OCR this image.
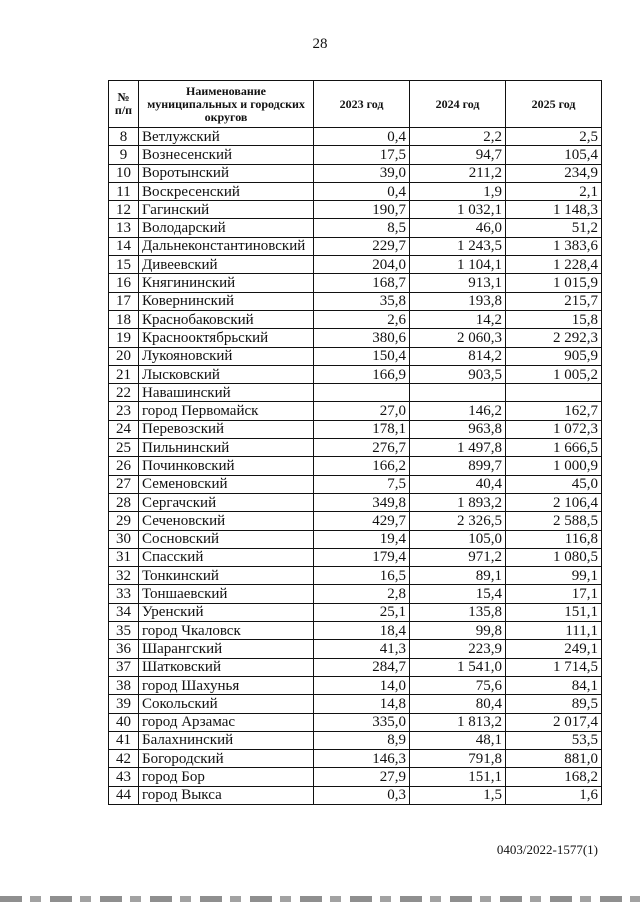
28
№ п/п	Наименование муниципальных и городских округов	2023 год	2024 год	2025 год
8	Ветлужский	0,4	2,2	2,5
9	Вознесенский	17,5	94,7	105,4
10	Воротынский	39,0	211,2	234,9
11	Воскресенский	0,4	1,9	2,1
12	Гагинский	190,7	1 032,1	1 148,3
13	Володарский	8,5	46,0	51,2
14	Дальнеконстантиновский	229,7	1 243,5	1 383,6
15	Дивеевский	204,0	1 104,1	1 228,4
16	Княгининский	168,7	913,1	1 015,9
17	Ковернинский	35,8	193,8	215,7
18	Краснобаковский	2,6	14,2	15,8
19	Краснооктябрьский	380,6	2 060,3	2 292,3
20	Лукояновский	150,4	814,2	905,9
21	Лысковский	166,9	903,5	1 005,2
22	Навашинский			
23	город Первомайск	27,0	146,2	162,7
24	Перевозский	178,1	963,8	1 072,3
25	Пильнинский	276,7	1 497,8	1 666,5
26	Починковский	166,2	899,7	1 000,9
27	Семеновский	7,5	40,4	45,0
28	Сергачский	349,8	1 893,2	2 106,4
29	Сеченовский	429,7	2 326,5	2 588,5
30	Сосновский	19,4	105,0	116,8
31	Спасский	179,4	971,2	1 080,5
32	Тонкинский	16,5	89,1	99,1
33	Тоншаевский	2,8	15,4	17,1
34	Уренский	25,1	135,8	151,1
35	город Чкаловск	18,4	99,8	111,1
36	Шарангский	41,3	223,9	249,1
37	Шатковский	284,7	1 541,0	1 714,5
38	город Шахунья	14,0	75,6	84,1
39	Сокольский	14,8	80,4	89,5
40	город Арзамас	335,0	1 813,2	2 017,4
41	Балахнинский	8,9	48,1	53,5
42	Богородский	146,3	791,8	881,0
43	город Бор	27,9	151,1	168,2
44	город Выкса	0,3	1,5	1,6
0403/2022-1577(1)
